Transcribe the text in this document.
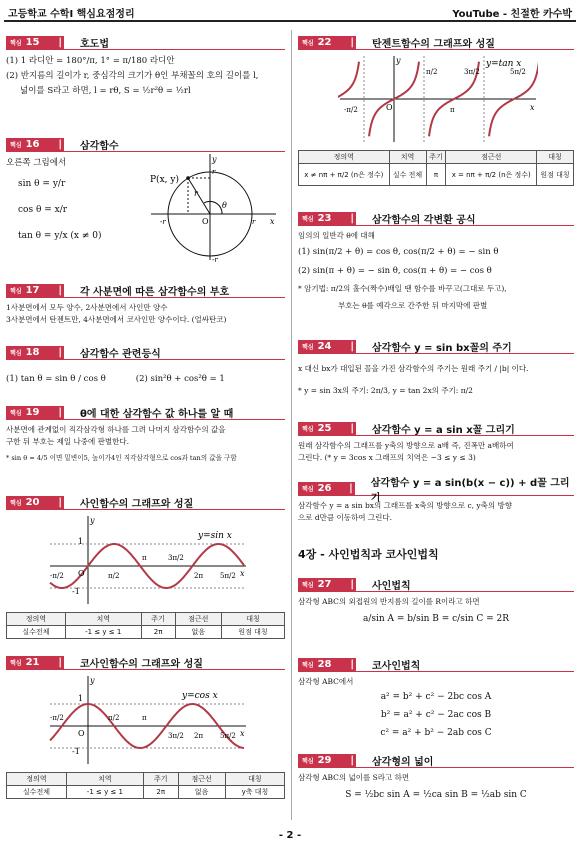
고등학교 수학Ⅰ 핵심요점정리	YouTube - 친절한 카수박
핵심 15 | 호도법
(1) 1 라디안 = 180°/π, 1° = π/180 라디안
(2) 반지름의 길이가 r, 중심각의 크기가 θ인 부채꼴의 호의 길이를 l,
넓이를 S라고 하면, l = rθ, S = ½r²θ = ½rl
핵심 16 | 삼각함수
오른쪽 그림에서
sin θ = y/r
cos θ = x/r
tan θ = y/x (x ≠ 0)
P(x, y)
r
y
x
O
θ
r
-r
-r	r
핵심 17 | 각 사분면에 따른 삼각함수의 부호
1사분면에서 모두 양수, 2사분면에서 사인만 양수
3사분면에서 탄젠트만, 4사분면에서 코사인만 양수이다. (얼싸탄코)
핵심 18 | 삼각함수 관련등식
(1) tan θ = sin θ / cos θ	(2) sin²θ + cos²θ = 1
핵심 19 | θ에 대한 삼각함수 값 하나를 알 때
사분면에 관계없이 직각삼각형 하나를 그려 나머지 삼각함수의 값을
구한 뒤 부호는 제일 나중에 판별한다.
* sin θ = 4/5 이면 밑변이5, 높이가4인 직각삼각형으로 cos과 tan의 값을 구함
핵심 20 | 사인함수의 그래프와 성질
y=sin x
1
-1
O	x
y
-π/2	π/2
π	3π/2
2π 5π/2
정의역	치역	주기	점근선	대칭
실수전체	-1 ≤ y ≤ 1	2π	없음	원점 대칭
핵심 21 | 코사인함수의 그래프와 성질
y=cos x
1
-1
O	x
y
-π/2	π/2	π
3π/2 2π 5π/2
정의역	치역	주기	점근선	대칭
실수전체	-1 ≤ y ≤ 1	2π	없음	y축 대칭
핵심 22 | 탄젠트함수의 그래프와 성질
y=tan x
O	x
y
-π/2
π/2
π
3π/2	5π/2
정의역	치역	주기	점근선	대칭
x ≠ nπ + π/2 (n은 정수)	실수 전체	π	x = nπ + π/2 (n은 정수)	원점 대칭
핵심 23 | 삼각함수의 각변환 공식
임의의 일반각 θ에 대해
(1) sin(π/2 + θ) = cos θ, cos(π/2 + θ) = − sin θ
(2) sin(π + θ) = − sin θ, cos(π + θ) = − cos θ
* 암기법: π/2의 홀수(짝수)배일 땐 함수를 바꾸고(그대로 두고),
부호는 θ를 예각으로 간주한 뒤 마지막에 판별
핵심 24 | 삼각함수 y = sin bx꼴의 주기
x 대신 bx가 대입된 꼴을 가진 삼각함수의 주기는 원래 주기 / |b| 이다.
* y = sin 3x의 주기: 2π/3, y = tan 2x의 주기: π/2
핵심 25 | 삼각함수 y = a sin x꼴 그리기
원래 삼각함수의 그래프를 y축의 방향으로 a배 즉, 진폭만 a배하여
그린다. (* y = 3cos x 그래프의 치역은 −3 ≤ y ≤ 3)
핵심 26 | 삼각함수 y = a sin(b(x − c)) + d꼴 그리기
삼각함수 y = a sin bx의 그래프를 x축의 방향으로 c, y축의 방향
으로 d만큼 이동하여 그린다.
4장 - 사인법칙과 코사인법칙
핵심 27 | 사인법칙
삼각형 ABC의 외접원의 반지름의 길이를 R이라고 하면
a/sin A = b/sin B = c/sin C = 2R
핵심 28 | 코사인법칙
삼각형 ABC에서
a² = b² + c² − 2bc cos A
b² = a² + c² − 2ac cos B
c² = a² + b² − 2ab cos C
핵심 29 | 삼각형의 넓이
삼각형 ABC의 넓이를 S라고 하면
S = ½bc sin A = ½ca sin B = ½ab sin C
- 2 -
